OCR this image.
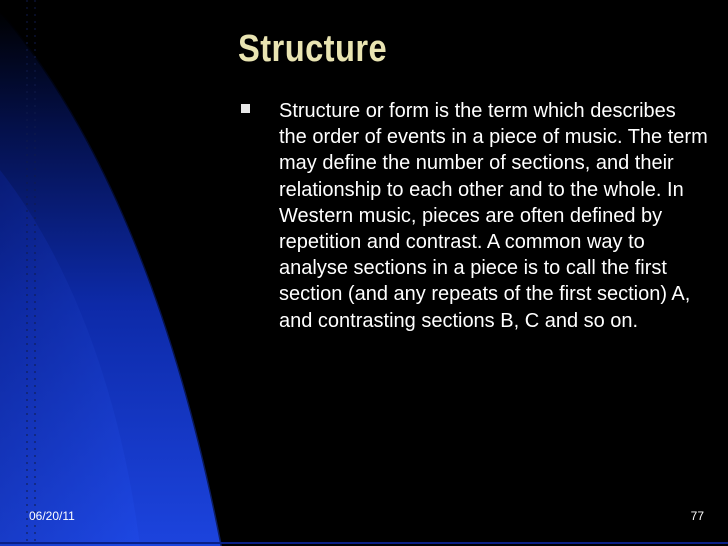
Structure

Structure or form is the term which describes the order of events in a piece of music. The term may define the number of sections, and their relationship to each other and to the whole. In Western music, pieces are often defined by repetition and contrast. A common way to analyse sections in a piece is to call the first section (and any repeats of the first section) A, and contrasting sections B, C and so on.

06/20/11	77
